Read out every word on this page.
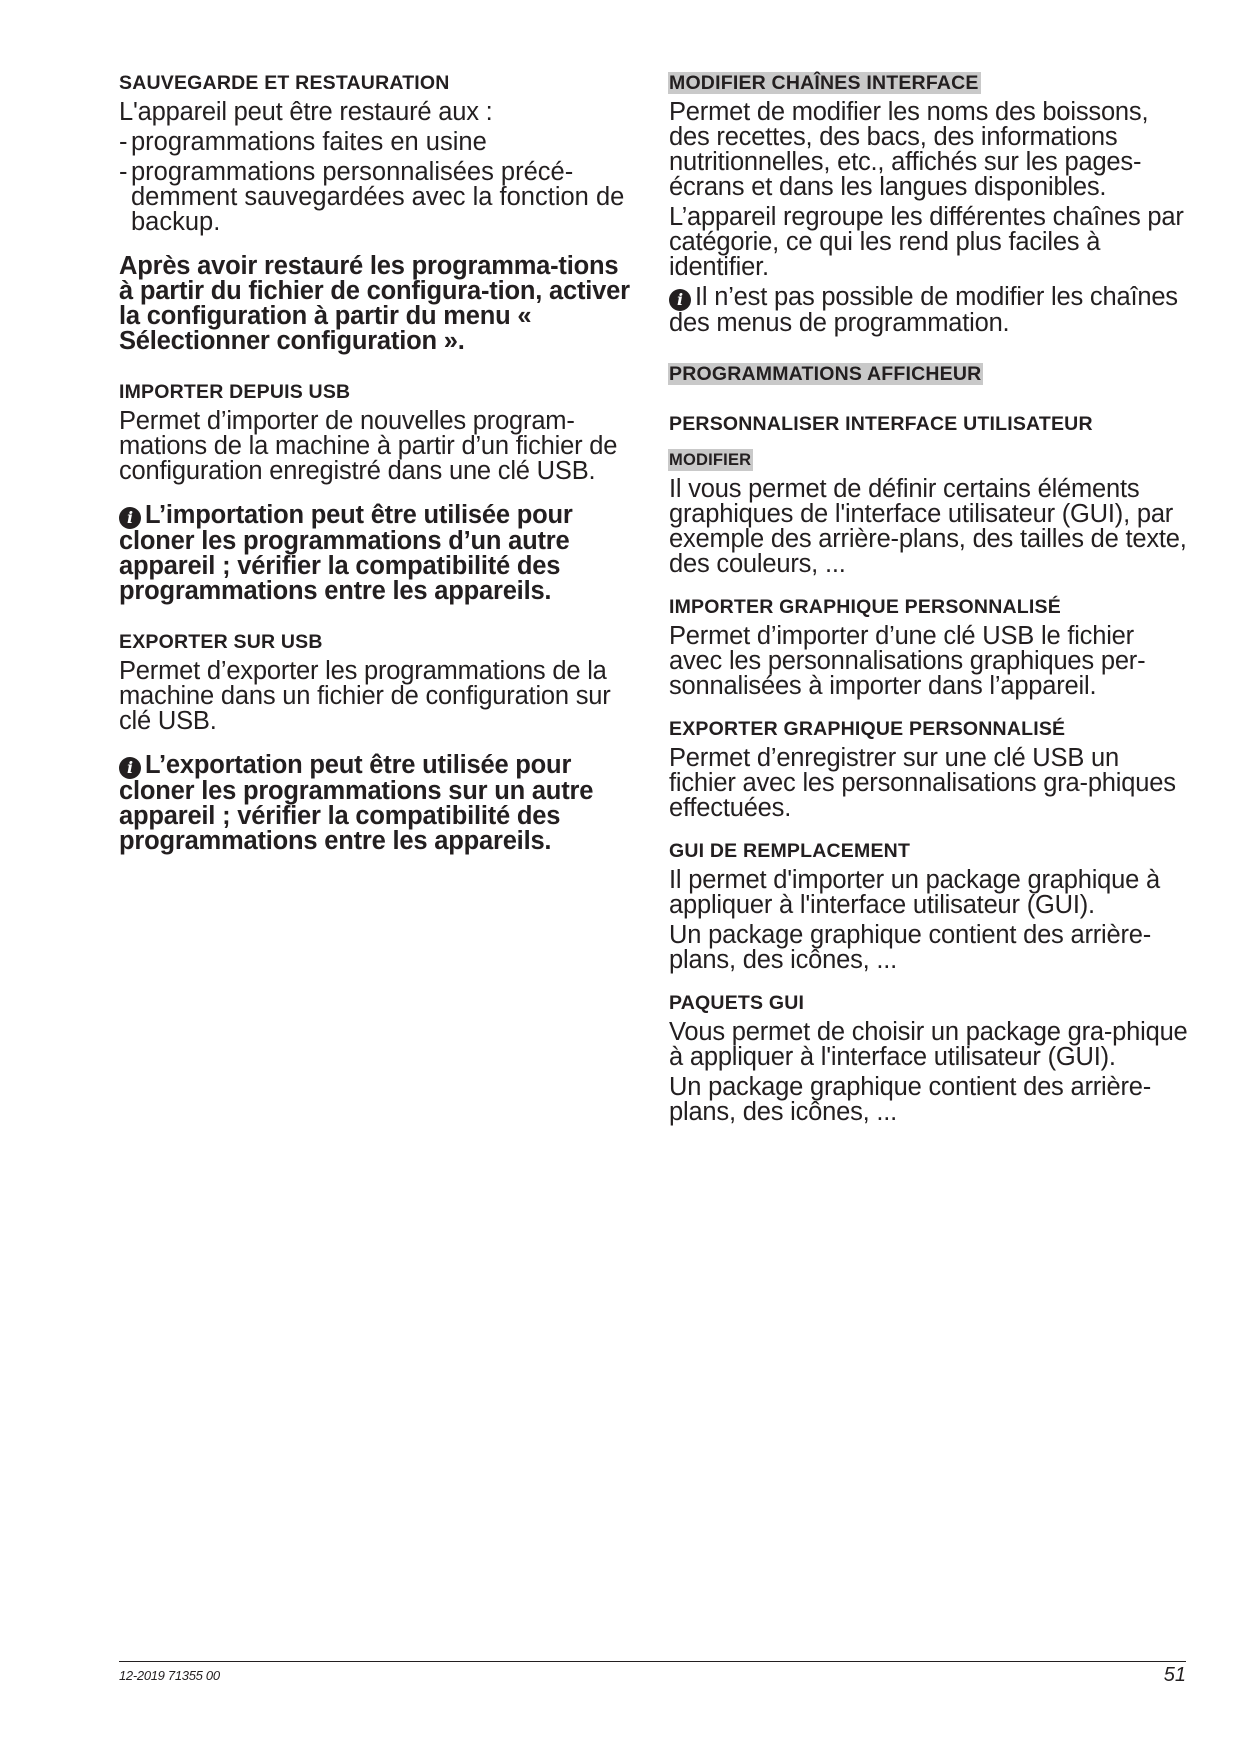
SAUVEGARDE ET RESTAURATION

L'appareil peut être restauré aux :

- programmations faites en usine
- programmations personnalisées précé-demment sauvegardées avec la fonction de backup.

Après avoir restauré les programma-tions à partir du fichier de configura-tion, activer la configuration à partir du menu « Sélectionner configuration ».

IMPORTER DEPUIS USB

Permet d’importer de nouvelles program-mations de la machine à partir d’un fichier de configuration enregistré dans une clé USB.

i L’importation peut être utilisée pour cloner les programmations d’un autre appareil ; vérifier la compatibilité des programmations entre les appareils.

EXPORTER SUR USB

Permet d’exporter les programmations de la machine dans un fichier de configuration sur clé USB.

i L’exportation peut être utilisée pour cloner les programmations sur un autre appareil ; vérifier la compatibilité des programmations entre les appareils.

MODIFIER CHAÎNES INTERFACE

Permet de modifier les noms des boissons, des recettes, des bacs, des informations nutritionnelles, etc., affichés sur les pages-écrans et dans les langues disponibles.

L’appareil regroupe les différentes chaînes par catégorie, ce qui les rend plus faciles à identifier.

i Il n’est pas possible de modifier les chaînes des menus de programmation.

PROGRAMMATIONS AFFICHEUR
PERSONNALISER INTERFACE UTILISATEUR
MODIFIER

Il vous permet de définir certains éléments graphiques de l'interface utilisateur (GUI), par exemple des arrière-plans, des tailles de texte, des couleurs, ...

IMPORTER GRAPHIQUE PERSONNALISÉ

Permet d’importer d’une clé USB le fichier avec les personnalisations graphiques per-sonnalisées à importer dans l’appareil.

EXPORTER GRAPHIQUE PERSONNALISÉ

Permet d’enregistrer sur une clé USB un fichier avec les personnalisations gra-phiques effectuées.

GUI DE REMPLACEMENT

Il permet d'importer un package graphique à appliquer à l'interface utilisateur (GUI).

Un package graphique contient des arrière-plans, des icônes, ...

PAQUETS GUI

Vous permet de choisir un package gra-phique à appliquer à l'interface utilisateur (GUI).

Un package graphique contient des arrière-plans, des icônes, ...

12-2019 71355 00	51
